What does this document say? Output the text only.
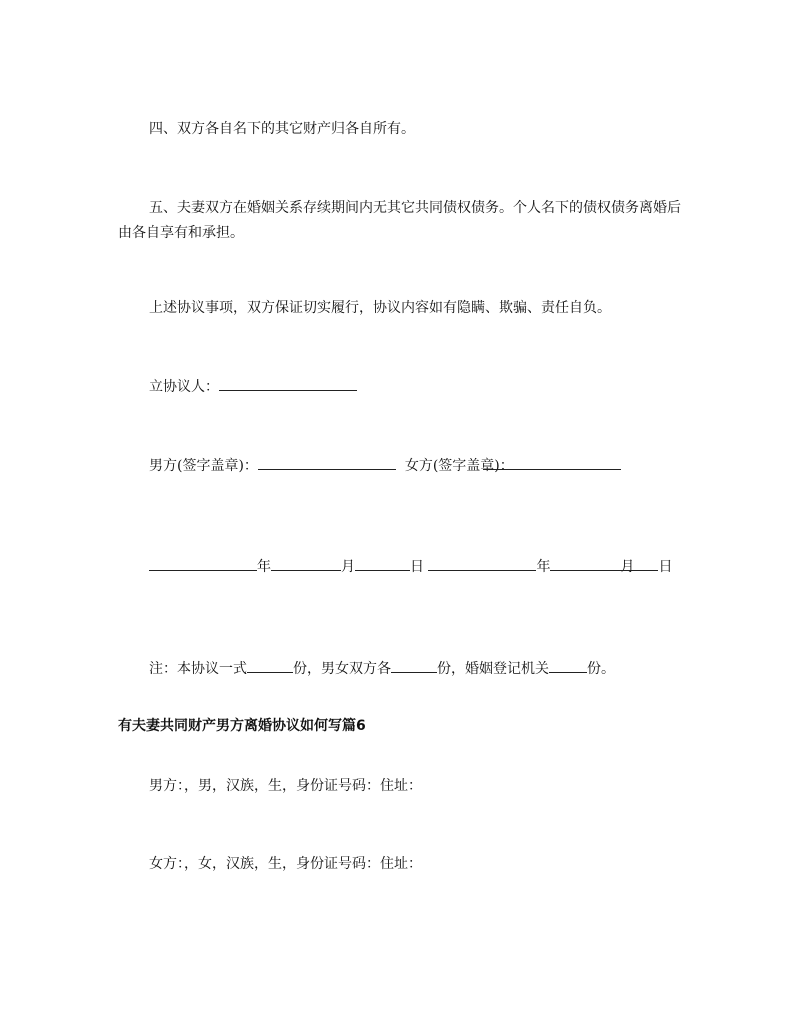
四、双方各自名下的其它财产归各自所有。
五、夫妻双方在婚姻关系存续期间内无其它共同债权债务。个人名下的债权债务离婚后由各自享有和承担。
上述协议事项，双方保证切实履行，协议内容如有隐瞒、欺骗、责任自负。
立协议人：
男方(签字盖章)：	女方(签字盖章)：
年	月	日	年	月 日
注：本协议一式	份，男女双方各	份，婚姻登记机关	份。
有夫妻共同财产男方离婚协议如何写篇6
男方：，男，汉族，生，身份证号码：住址：
女方：，女，汉族，生，身份证号码：住址：
